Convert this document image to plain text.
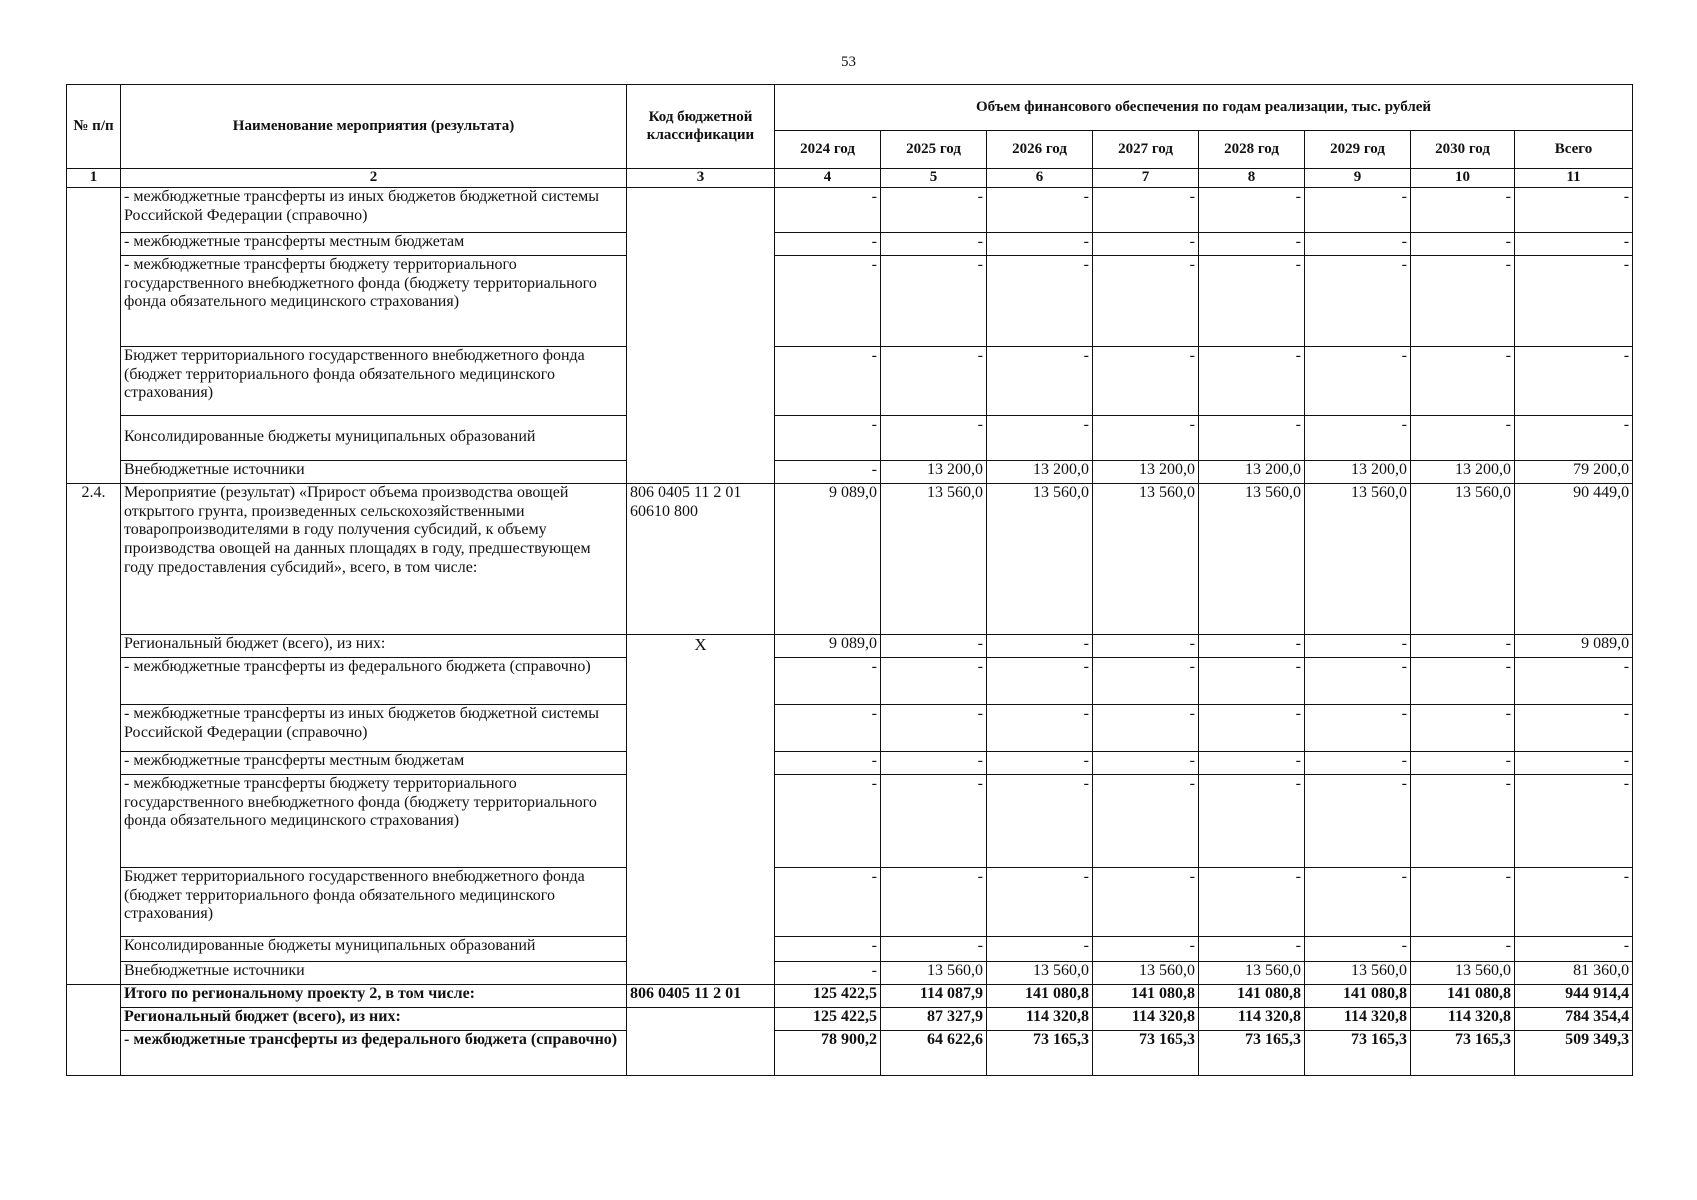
53
№ п/п	Наименование мероприятия (результата)	Код бюджетной классификации	Объем финансового обеспечения по годам реализации, тыс. рублей							
			2024 год	2025 год	2026 год	2027 год	2028 год	2029 год	2030 год	Всего
1	2	3	4	5	6	7	8	9	10	11
	- межбюджетные трансферты из иных бюджетов бюджетной системы Российской Федерации (справочно)		-	-	-	-	-	-	-	-
	- межбюджетные трансферты местным бюджетам		-	-	-	-	-	-	-	-
	- межбюджетные трансферты бюджету территориального государственного внебюджетного фонда (бюджету территориального фонда обязательного медицинского страхования)		-	-	-	-	-	-	-	-
	Бюджет территориального государственного внебюджетного фонда (бюджет территориального фонда обязательного медицинского страхования)		-	-	-	-	-	-	-	-
	Консолидированные бюджеты муниципальных образований		-	-	-	-	-	-	-	-
	Внебюджетные источники		-	13 200,0	13 200,0	13 200,0	13 200,0	13 200,0	13 200,0	79 200,0
2.4.	Мероприятие (результат) «Прирост объема производства овощей открытого грунта, произведенных сельскохозяйственными товаропроизводителями в году получения субсидий, к объему производства овощей на данных площадях в году, предшествующем году предоставления субсидий», всего, в том числе:	806 0405 11 2 01 60610 800	9 089,0	13 560,0	13 560,0	13 560,0	13 560,0	13 560,0	13 560,0	90 449,0
	Региональный бюджет (всего), из них:	X	9 089,0	-	-	-	-	-	-	9 089,0
	- межбюджетные трансферты из федерального бюджета (справочно)		-	-	-	-	-	-	-	-
	- межбюджетные трансферты из иных бюджетов бюджетной системы Российской Федерации (справочно)		-	-	-	-	-	-	-	-
	- межбюджетные трансферты местным бюджетам		-	-	-	-	-	-	-	-
	- межбюджетные трансферты бюджету территориального государственного внебюджетного фонда (бюджету территориального фонда обязательного медицинского страхования)		-	-	-	-	-	-	-	-
	Бюджет территориального государственного внебюджетного фонда (бюджет территориального фонда обязательного медицинского страхования)		-	-	-	-	-	-	-	-
	Консолидированные бюджеты муниципальных образований		-	-	-	-	-	-	-	-
	Внебюджетные источники		-	13 560,0	13 560,0	13 560,0	13 560,0	13 560,0	13 560,0	81 360,0
	Итого по региональному проекту 2, в том числе:	806 0405 11 2 01	125 422,5	114 087,9	141 080,8	141 080,8	141 080,8	141 080,8	141 080,8	944 914,4
	Региональный бюджет (всего), из них:		125 422,5	87 327,9	114 320,8	114 320,8	114 320,8	114 320,8	114 320,8	784 354,4
	- межбюджетные трансферты из федерального бюджета (справочно)		78 900,2	64 622,6	73 165,3	73 165,3	73 165,3	73 165,3	73 165,3	509 349,3
